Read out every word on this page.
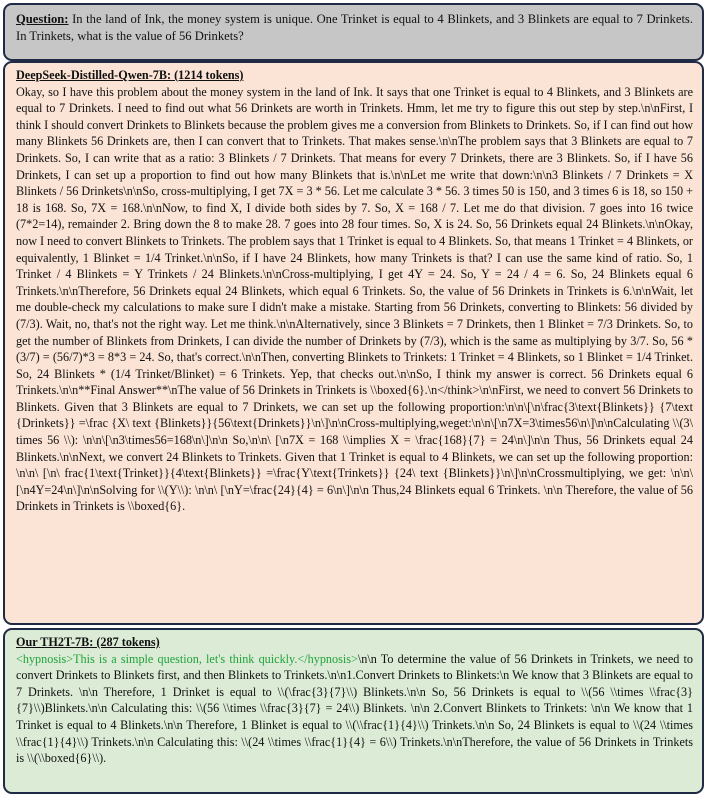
Question: In the land of Ink, the money system is unique. One Trinket is equal to 4 Blinkets, and 3 Blinkets are equal to 7 Drinkets. In Trinkets, what is the value of 56 Drinkets?
DeepSeek-Distilled-Qwen-7B: (1214 tokens)
Okay, so I have this problem about the money system in the land of Ink. It says that one Trinket is equal to 4 Blinkets, and 3 Blinkets are equal to 7 Drinkets. I need to find out what 56 Drinkets are worth in Trinkets. Hmm, let me try to figure this out step by step.\n\nFirst, I think I should convert Drinkets to Blinkets because the problem gives me a conversion from Blinkets to Drinkets. So, if I can find out how many Blinkets 56 Drinkets are, then I can convert that to Trinkets. That makes sense.\n\nThe problem says that 3 Blinkets are equal to 7 Drinkets. So, I can write that as a ratio: 3 Blinkets / 7 Drinkets. That means for every 7 Drinkets, there are 3 Blinkets. So, if I have 56 Drinkets, I can set up a proportion to find out how many Blinkets that is.\n\nLet me write that down:\n\n3 Blinkets / 7 Drinkets = X Blinkets / 56 Drinkets\n\nSo, cross-multiplying, I get 7X = 3 * 56. Let me calculate 3 * 56. 3 times 50 is 150, and 3 times 6 is 18, so 150 + 18 is 168. So, 7X = 168.\n\nNow, to find X, I divide both sides by 7. So, X = 168 / 7. Let me do that division. 7 goes into 16 twice (7*2=14), remainder 2. Bring down the 8 to make 28. 7 goes into 28 four times. So, X is 24. So, 56 Drinkets equal 24 Blinkets.\n\nOkay, now I need to convert Blinkets to Trinkets. The problem says that 1 Trinket is equal to 4 Blinkets. So, that means 1 Trinket = 4 Blinkets, or equivalently, 1 Blinket = 1/4 Trinket.\n\nSo, if I have 24 Blinkets, how many Trinkets is that? I can use the same kind of ratio. So, 1 Trinket / 4 Blinkets = Y Trinkets / 24 Blinkets.\n\nCross-multiplying, I get 4Y = 24. So, Y = 24 / 4 = 6. So, 24 Blinkets equal 6 Trinkets.\n\nTherefore, 56 Drinkets equal 24 Blinkets, which equal 6 Trinkets. So, the value of 56 Drinkets in Trinkets is 6.\n\nWait, let me double-check my calculations to make sure I didn't make a mistake. Starting from 56 Drinkets, converting to Blinkets: 56 divided by (7/3). Wait, no, that's not the right way. Let me think.\n\nAlternatively, since 3 Blinkets = 7 Drinkets, then 1 Blinket = 7/3 Drinkets. So, to get the number of Blinkets from Drinkets, I can divide the number of Drinkets by (7/3), which is the same as multiplying by 3/7. So, 56 * (3/7) = (56/7)*3 = 8*3 = 24. So, that's correct.\n\nThen, converting Blinkets to Trinkets: 1 Trinket = 4 Blinkets, so 1 Blinket = 1/4 Trinket. So, 24 Blinkets * (1/4 Trinket/Blinket) = 6 Trinkets. Yep, that checks out.\n\nSo, I think my answer is correct. 56 Drinkets equal 6 Trinkets.\n\n**Final Answer**\nThe value of 56 Drinkets in Trinkets is \\boxed{6}.\n</think>\n\nFirst, we need to convert 56 Drinkets to Blinkets. Given that 3 Blinkets are equal to 7 Drinkets, we can set up the following proportion:\n\n\[\n\frac{3\text{Blinkets}} {7\text {Drinkets}} =\frac {X\ text {Blinkets}}{56\text{Drinkets}}\n\]\n\nCross-multiplying,weget:\n\n\[\n7X=3\times56\n\]\n\nCalculating \\(3\ times 56 \\): \n\n\[\n3\times56=168\n\]\n\n So,\n\n\ [\n7X = 168 \\implies X = \frac{168}{7} = 24\n\]\n\n Thus, 56 Drinkets equal 24 Blinkets.\n\nNext, we convert 24 Blinkets to Trinkets. Given that 1 Trinket is equal to 4 Blinkets, we can set up the following proportion: \n\n\ [\n\ frac{1\text{Trinket}}{4\text{Blinkets}} =\frac{Y\text{Trinkets}} {24\ text {Blinkets}}\n\]\n\nCrossmultiplying, we get: \n\n\[\n4Y=24\n\]\n\nSolving for \\(Y\\): \n\n\ [\nY=\frac{24}{4} = 6\n\]\n\n Thus,24 Blinkets equal 6 Trinkets. \n\n Therefore, the value of 56 Drinkets in Trinkets is \\boxed{6}.
Our TH2T-7B: (287 tokens)
<hypnosis>This is a simple question, let's think quickly.</hypnosis>\n\n To determine the value of 56 Drinkets in Trinkets, we need to convert Drinkets to Blinkets first, and then Blinkets to Trinkets.\n\n1.Convert Drinkets to Blinkets:\n We know that 3 Blinkets are equal to 7 Drinkets. \n\n Therefore, 1 Drinket is equal to \\(\frac{3}{7}\\) Blinkets.\n\n So, 56 Drinkets is equal to \\(56 \\times \\frac{3}{7}\\)Blinkets.\n\n Calculating this: \\(56 \\times \\frac{3}{7} = 24\\) Blinkets. \n\n 2.Convert Blinkets to Trinkets: \n\n We know that 1 Trinket is equal to 4 Blinkets.\n\n Therefore, 1 Blinket is equal to \\(\\frac{1}{4}\\) Trinkets.\n\n So, 24 Blinkets is equal to \\(24 \\times \\frac{1}{4}\\) Trinkets.\n\n Calculating this: \\(24 \\times \\frac{1}{4} = 6\\) Trinkets.\n\nTherefore, the value of 56 Drinkets in Trinkets is \\(\\boxed{6}\\).
